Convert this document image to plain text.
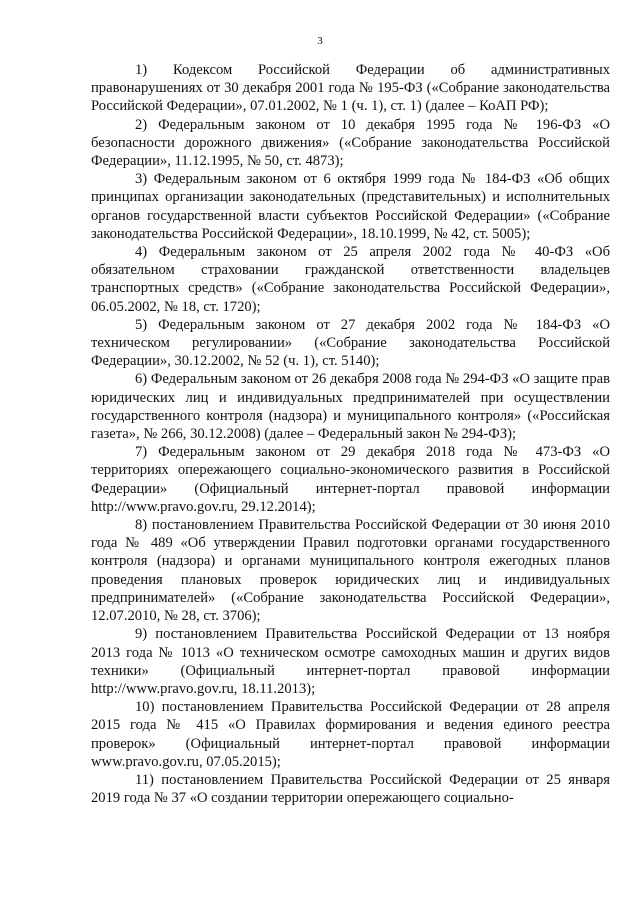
3

1) Кодексом Российской Федерации об административных правонарушениях от 30 декабря 2001 года № 195-ФЗ («Собрание законодательства Российской Федерации», 07.01.2002, № 1 (ч. 1), ст. 1) (далее – КоАП РФ);

2) Федеральным законом от 10 декабря 1995 года № 196-ФЗ «О безопасности дорожного движения» («Собрание законодательства Российской Федерации», 11.12.1995, № 50, ст. 4873);

3) Федеральным законом от 6 октября 1999 года № 184-ФЗ «Об общих принципах организации законодательных (представительных) и исполнительных органов государственной власти субъектов Российской Федерации» («Собрание законодательства Российской Федерации», 18.10.1999, № 42, ст. 5005);

4) Федеральным законом от 25 апреля 2002 года № 40-ФЗ «Об обязательном страховании гражданской ответственности владельцев транспортных средств» («Собрание законодательства Российской Федерации», 06.05.2002, № 18, ст. 1720);

5) Федеральным законом от 27 декабря 2002 года № 184-ФЗ «О техническом регулировании» («Собрание законодательства Российской Федерации», 30.12.2002, № 52 (ч. 1), ст. 5140);

6) Федеральным законом от 26 декабря 2008 года № 294-ФЗ «О защите прав юридических лиц и индивидуальных предпринимателей при осуществлении государственного контроля (надзора) и муниципального контроля» («Российская газета», № 266, 30.12.2008) (далее – Федеральный закон № 294-ФЗ);

7) Федеральным законом от 29 декабря 2018 года № 473-ФЗ «О территориях опережающего социально-экономического развития в Российской Федерации» (Официальный интернет-портал правовой информации http://www.pravo.gov.ru, 29.12.2014);

8) постановлением Правительства Российской Федерации от 30 июня 2010 года № 489 «Об утверждении Правил подготовки органами государственного контроля (надзора) и органами муниципального контроля ежегодных планов проведения плановых проверок юридических лиц и индивидуальных предпринимателей» («Собрание законодательства Российской Федерации», 12.07.2010, № 28, ст. 3706);

9) постановлением Правительства Российской Федерации от 13 ноября 2013 года № 1013 «О техническом осмотре самоходных машин и других видов техники» (Официальный интернет-портал правовой информации http://www.pravo.gov.ru, 18.11.2013);

10) постановлением Правительства Российской Федерации от 28 апреля 2015 года № 415 «О Правилах формирования и ведения единого реестра проверок» (Официальный интернет-портал правовой информации www.pravo.gov.ru, 07.05.2015);

11) постановлением Правительства Российской Федерации от 25 января 2019 года № 37 «О создании территории опережающего социально-
